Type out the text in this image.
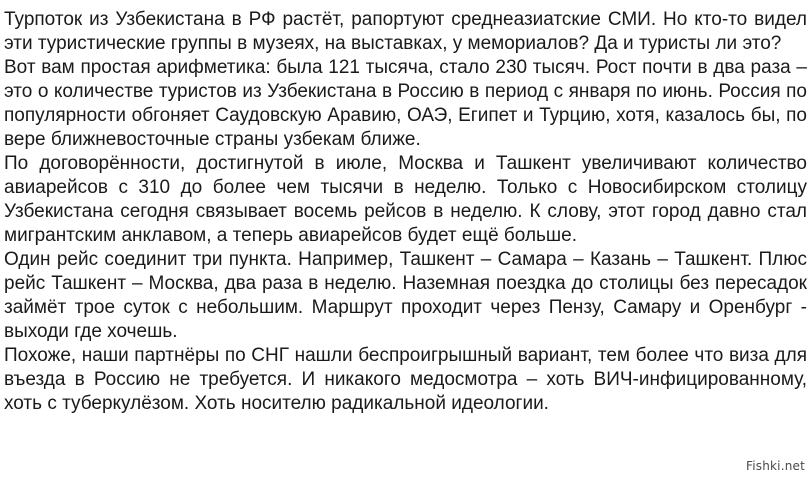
Турпоток из Узбекистана в РФ растёт, рапортуют среднеазиатские СМИ. Но кто-то видел эти туристические группы в музеях, на выставках, у мемориалов? Да и туристы ли это?

Вот вам простая арифметика: была 121 тысяча, стало 230 тысяч. Рост почти в два раза – это о количестве туристов из Узбекистана в Россию в период с января по июнь. Россия по популярности обгоняет Саудовскую Аравию, ОАЭ, Египет и Турцию, хотя, казалось бы, по вере ближневосточные страны узбекам ближе.

По договорённости, достигнутой в июле, Москва и Ташкент увеличивают количество авиарейсов с 310 до более чем тысячи в неделю. Только с Новосибирском столицу Узбекистана сегодня связывает восемь рейсов в неделю. К слову, этот город давно стал мигрантским анклавом, а теперь авиарейсов будет ещё больше.

Один рейс соединит три пункта. Например, Ташкент – Самара – Казань – Ташкент. Плюс рейс Ташкент – Москва, два раза в неделю. Наземная поездка до столицы без пересадок займёт трое суток с небольшим. Маршрут проходит через Пензу, Самару и Оренбург - выходи где хочешь.

Похоже, наши партнёры по СНГ нашли беспроигрышный вариант, тем более что виза для въезда в Россию не требуется. И никакого медосмотра – хоть ВИЧ-инфицированному, хоть с туберкулёзом. Хоть носителю радикальной идеологии.

Fishki.net
